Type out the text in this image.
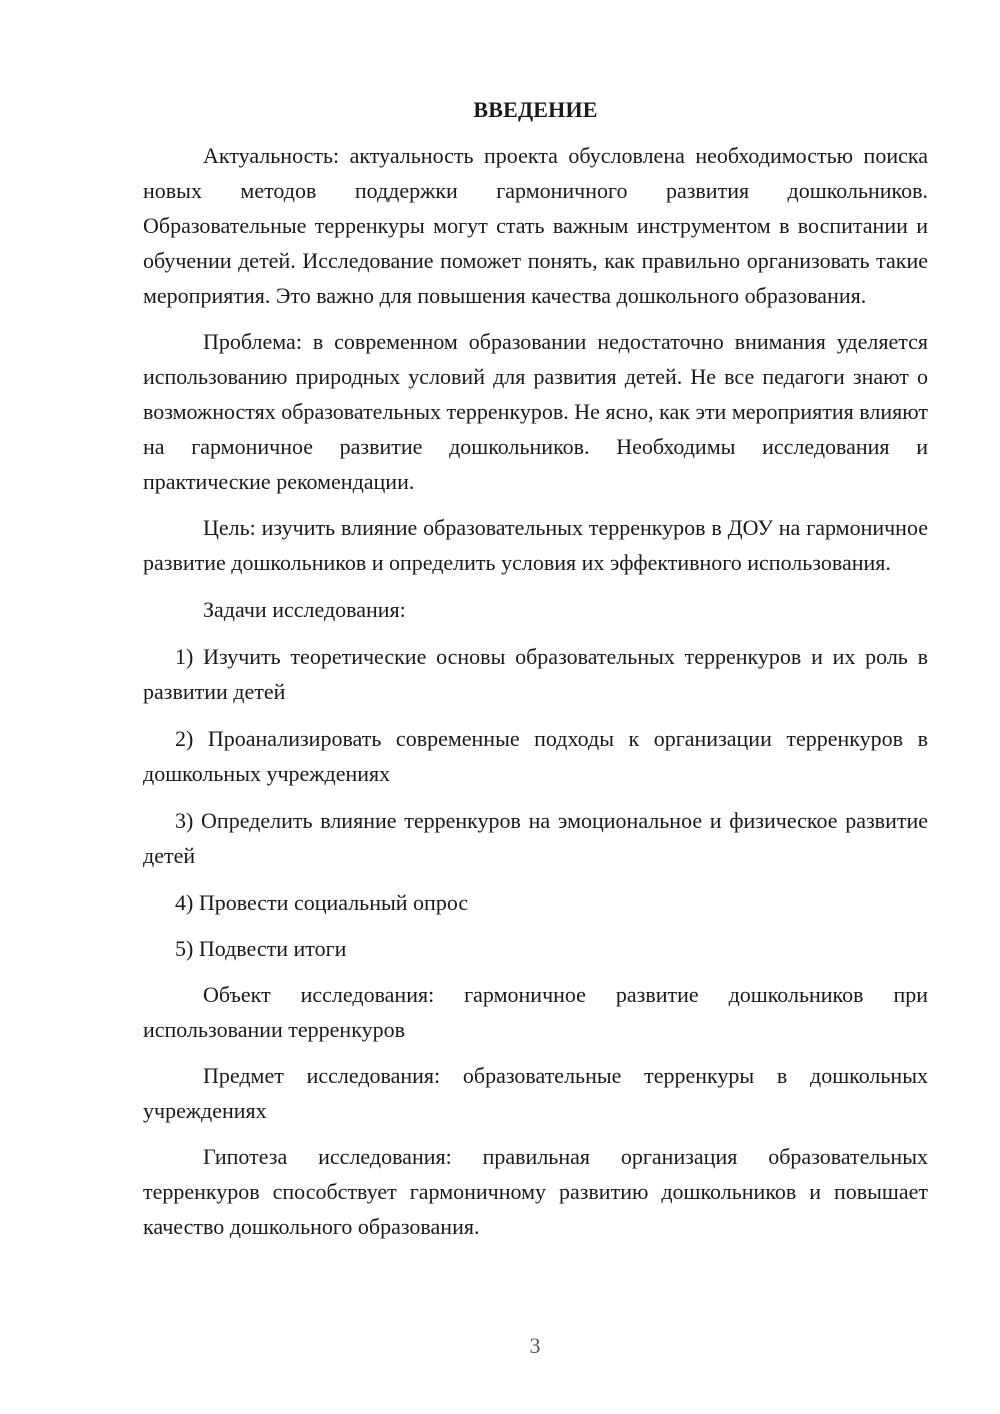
ВВЕДЕНИЕ

Актуальность: актуальность проекта обусловлена необходимостью поиска новых методов поддержки гармоничного развития дошкольников. Образовательные терренкуры могут стать важным инструментом в воспитании и обучении детей. Исследование поможет понять, как правильно организовать такие мероприятия. Это важно для повышения качества дошкольного образования.

Проблема: в современном образовании недостаточно внимания уделяется использованию природных условий для развития детей. Не все педагоги знают о возможностях образовательных терренкуров. Не ясно, как эти мероприятия влияют на гармоничное развитие дошкольников. Необходимы исследования и практические рекомендации.

Цель: изучить влияние образовательных терренкуров в ДОУ на гармоничное развитие дошкольников и определить условия их эффективного использования.

Задачи исследования:

1) Изучить теоретические основы образовательных терренкуров и их роль в развитии детей

2) Проанализировать современные подходы к организации терренкуров в дошкольных учреждениях

3) Определить влияние терренкуров на эмоциональное и физическое развитие детей

4) Провести социальный опрос

5) Подвести итоги

Объект исследования: гармоничное развитие дошкольников при использовании терренкуров

Предмет исследования: образовательные терренкуры в дошкольных учреждениях

Гипотеза исследования: правильная организация образовательных терренкуров способствует гармоничному развитию дошкольников и повышает качество дошкольного образования.

3
